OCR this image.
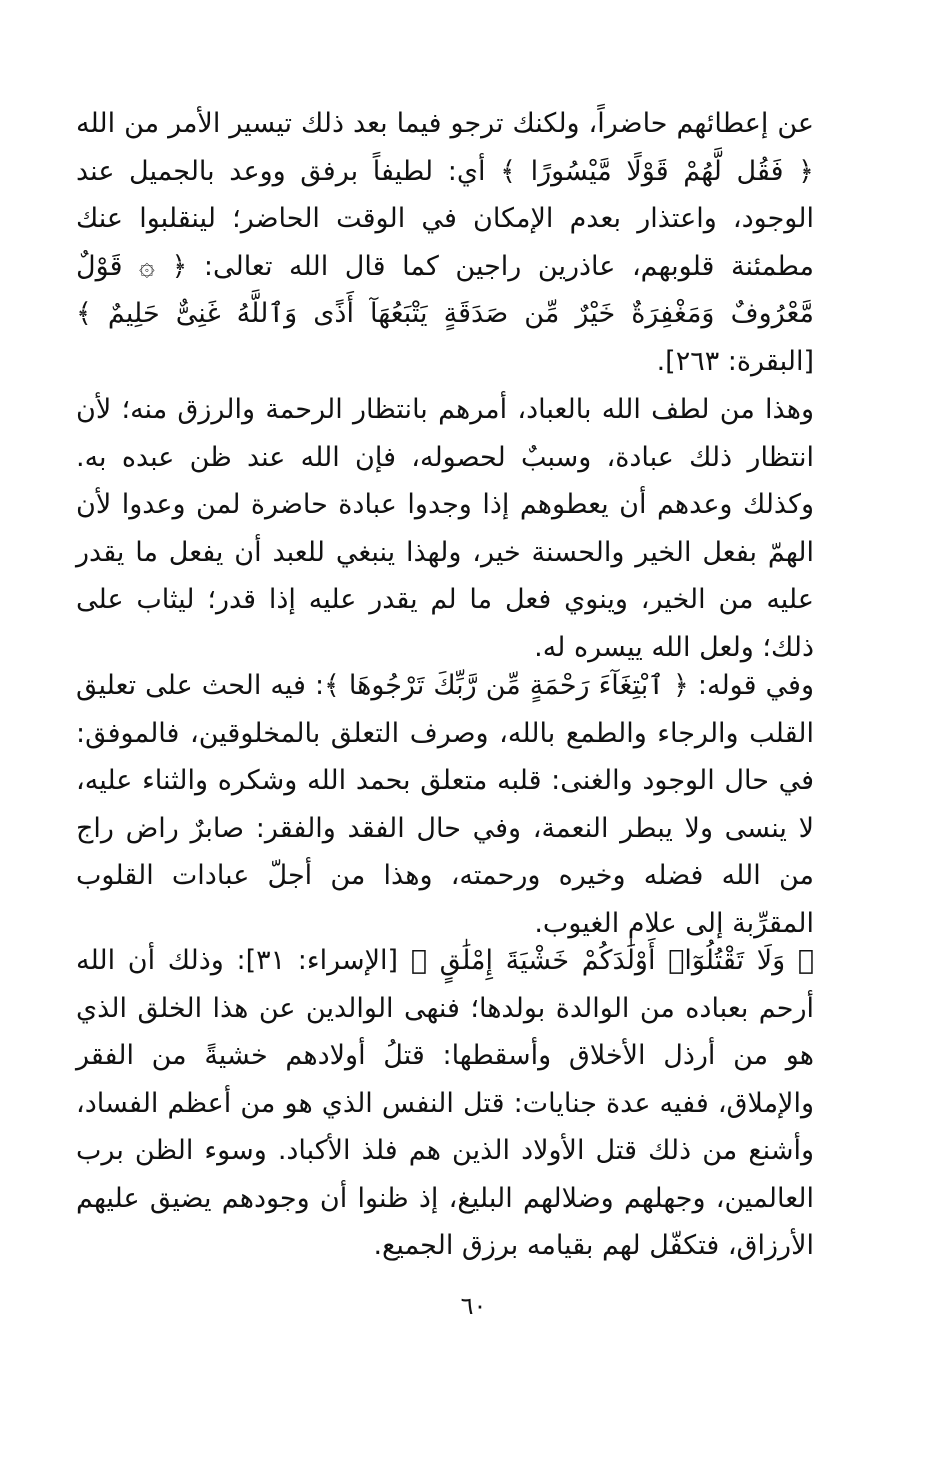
عن إعطائهم حاضراً، ولكنك ترجو فيما بعد ذلك تيسير الأمر من الله ﴿ فَقُل لَّهُمْ قَوْلًا مَّيْسُورًا ﴾ أي: لطيفاً برفق ووعد بالجميل عند الوجود، واعتذار بعدم الإمكان في الوقت الحاضر؛ لينقلبوا عنك مطمئنة قلوبهم، عاذرين راجين كما قال الله تعالى: ﴿ ۞ قَوْلٌ مَّعْرُوفٌ وَمَغْفِرَةٌ خَيْرٌ مِّن صَدَقَةٍ يَتْبَعُهَآ أَذًى وَٱللَّهُ غَنِىٌّ حَلِيمٌ ﴾ [البقرة: ٢٦٣].
وهذا من لطف الله بالعباد، أمرهم بانتظار الرحمة والرزق منه؛ لأن انتظار ذلك عبادة، وسببٌ لحصوله، فإن الله عند ظن عبده به. وكذلك وعدهم أن يعطوهم إذا وجدوا عبادة حاضرة لمن وعدوا لأن الهمّ بفعل الخير والحسنة خير، ولهذا ينبغي للعبد أن يفعل ما يقدر عليه من الخير، وينوي فعل ما لم يقدر عليه إذا قدر؛ ليثاب على ذلك؛ ولعل الله ييسره له.
وفي قوله: ﴿ ٱبْتِغَآءَ رَحْمَةٍ مِّن رَّبِّكَ تَرْجُوهَا ﴾: فيه الحث على تعليق القلب والرجاء والطمع بالله، وصرف التعلق بالمخلوقين، فالموفق: في حال الوجود والغنى: قلبه متعلق بحمد الله وشكره والثناء عليه، لا ينسى ولا يبطر النعمة، وفي حال الفقد والفقر: صابرٌ راض راج من الله فضله وخيره ورحمته، وهذا من أجلّ عبادات القلوب المقرِّبة إلى علام الغيوب.
﴿ وَلَا تَقْتُلُوٓا۟ أَوْلَٰدَكُمْ خَشْيَةَ إِمْلَٰقٍ ﴾ [الإسراء: ٣١]: وذلك أن الله أرحم بعباده من الوالدة بولدها؛ فنهى الوالدين عن هذا الخلق الذي هو من أرذل الأخلاق وأسقطها: قتلُ أولادهم خشيةً من الفقر والإملاق، ففيه عدة جنايات: قتل النفس الذي هو من أعظم الفساد، وأشنع من ذلك قتل الأولاد الذين هم فلذ الأكباد. وسوء الظن برب العالمين، وجهلهم وضلالهم البليغ، إذ ظنوا أن وجودهم يضيق عليهم الأرزاق، فتكفّل لهم بقيامه برزق الجميع.
٦٠
